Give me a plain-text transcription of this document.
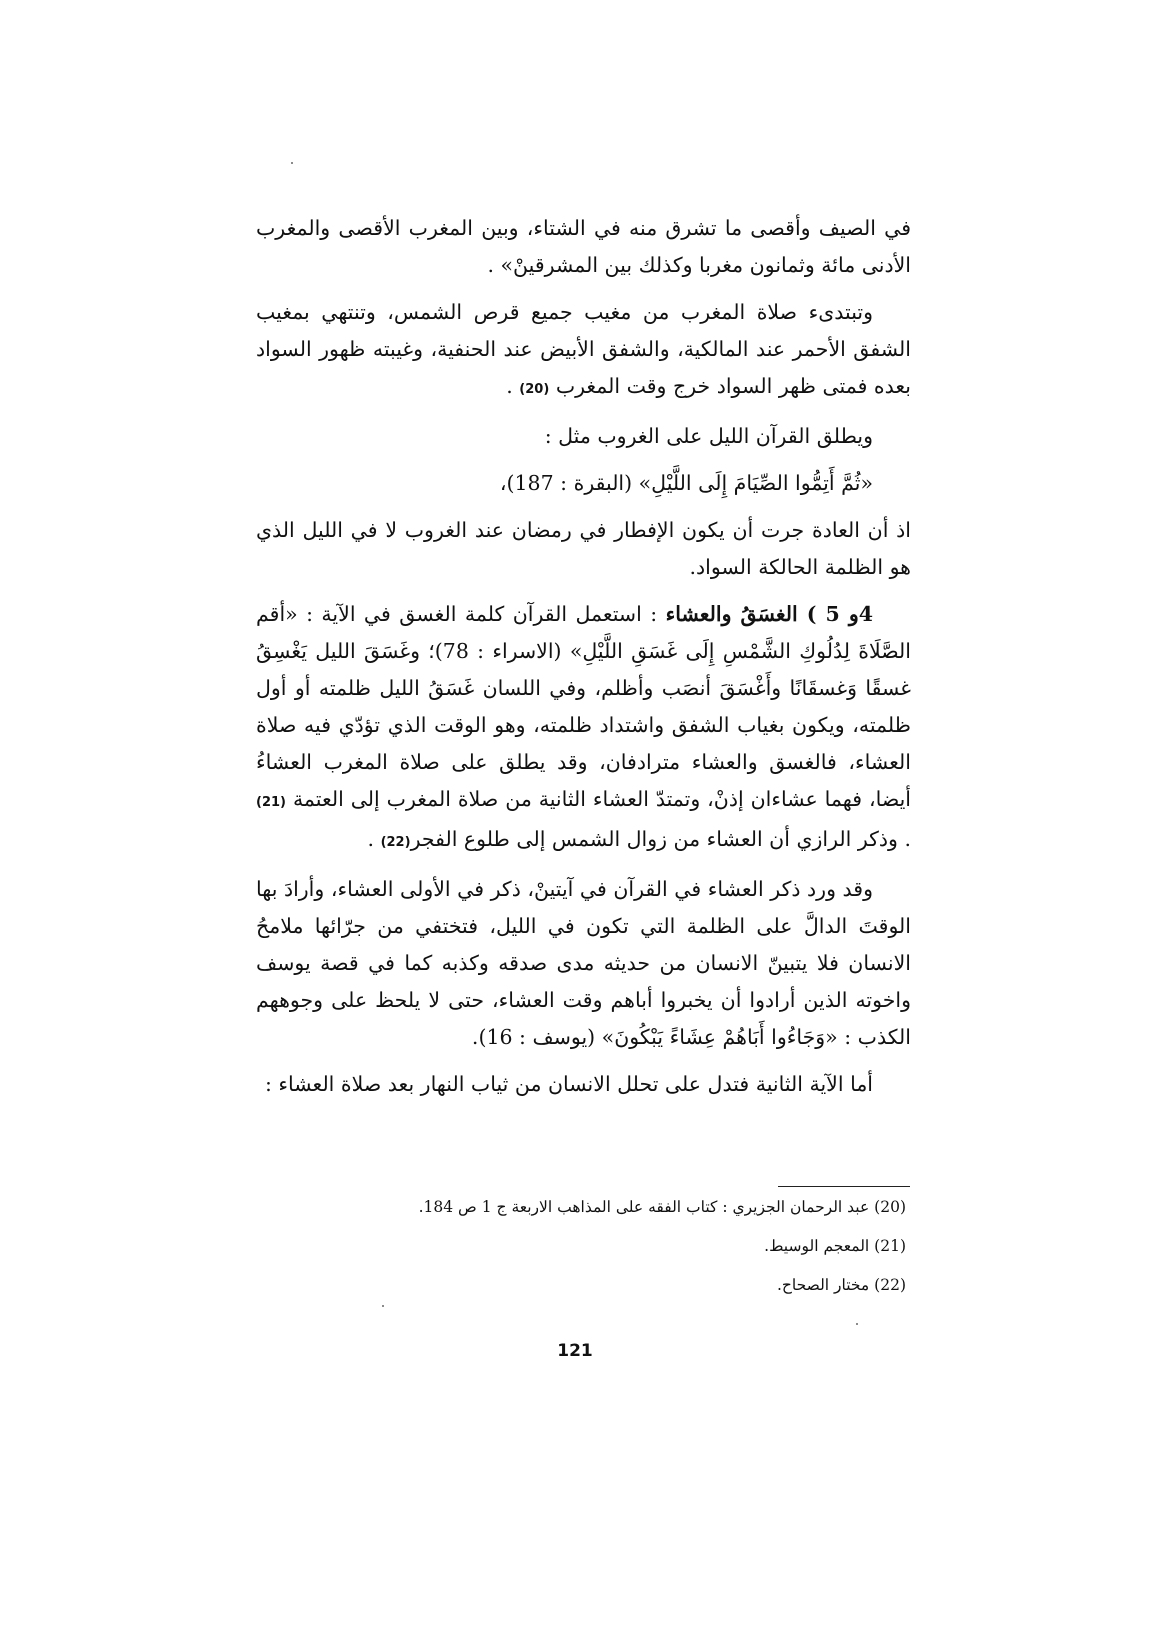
في الصيف وأقصى ما تشرق منه في الشتاء، وبين المغرب الأقصى والمغرب الأدنى مائة وثمانون مغربا وكذلك بين المشرقينْ» .

وتبتدىء صلاة المغرب من مغيب جميع قرص الشمس، وتنتهي بمغيب الشفق الأحمر عند المالكية، والشفق الأبيض عند الحنفية، وغيبته ظهور السواد بعده فمتى ظهر السواد خرج وقت المغرب (20) .

ويطلق القرآن الليل على الغروب مثل :

«ثُمَّ أَتِمُّوا الصِّيَامَ إِلَى اللَّيْلِ» (البقرة : 187)،

اذ أن العادة جرت أن يكون الإفطار في رمضان عند الغروب لا في الليل الذي هو الظلمة الحالكة السواد.

4و 5 ) الغسَقُ والعشاء : استعمل القرآن كلمة الغسق في الآية : «أقم الصَّلَاةَ لِدُلُوكِ الشَّمْسِ إِلَى غَسَقِ اللَّيْلِ» (الاسراء : 78)؛ وغَسَقَ الليل يَغْسِقُ غسقًا وَغسقَانًا وأَغْسَقَ أنصَب وأظلم، وفي اللسان غَسَقُ الليل ظلمته أو أول ظلمته، ويكون بغياب الشفق واشتداد ظلمته، وهو الوقت الذي تؤدّي فيه صلاة العشاء، فالغسق والعشاء مترادفان، وقد يطلق على صلاة المغرب العشاءُ أيضا، فهما عشاءان إذنْ، وتمتدّ العشاء الثانية من صلاة المغرب إلى العتمة (21) . وذكر الرازي أن العشاء من زوال الشمس إلى طلوع الفجر(22) .

وقد ورد ذكر العشاء في القرآن في آيتينْ، ذكر في الأولى العشاء، وأرادَ بها الوقتَ الدالَّ على الظلمة التي تكون في الليل، فتختفي من جرّائها ملامحُ الانسان فلا يتبينّ الانسان من حديثه مدى صدقه وكذبه كما في قصة يوسف واخوته الذين أرادوا أن يخبروا أباهم وقت العشاء، حتى لا يلحظ على وجوههم الكذب : «وَجَاءُوا أَبَاهُمْ عِشَاءً يَبْكُونَ» (يوسف : 16).

أما الآية الثانية فتدل على تحلل الانسان من ثياب النهار بعد صلاة العشاء :

(20) عبد الرحمان الجزيري : كتاب الفقه على المذاهب الاربعة ج 1 ص 184.

(21) المعجم الوسيط.

(22) مختار الصحاح.

121
